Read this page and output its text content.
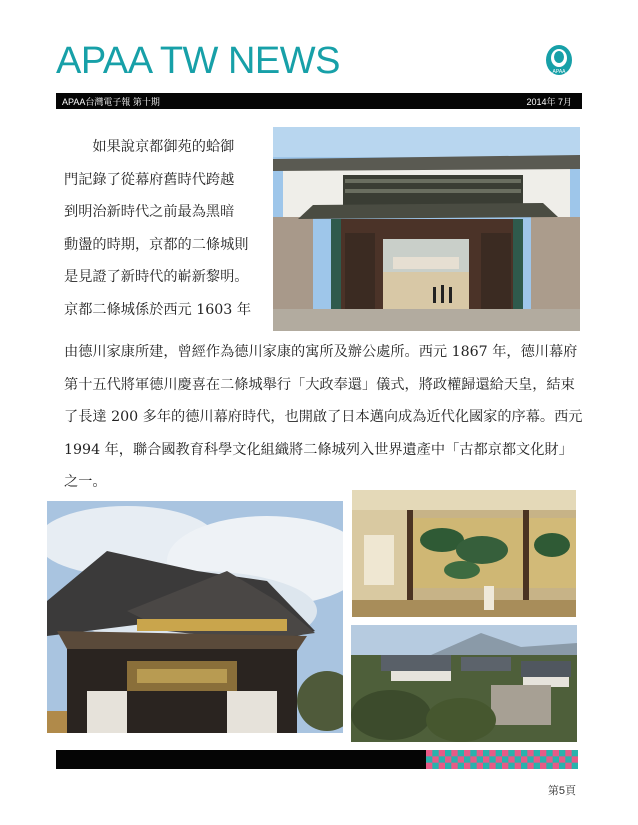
APAA TW NEWS	APAA
APAA台灣電子報 第十期	2014年 7月
　　如果說京都御苑的蛤御
門記錄了從幕府舊時代跨越
到明治新時代之前最為黑暗
動盪的時期，京都的二條城則
是見證了新時代的嶄新黎明。
京都二條城係於西元 1603 年
由德川家康所建，曾經作為德川家康的寓所及辦公處所。西元 1867 年，德川幕府
第十五代將軍德川慶喜在二條城舉行「大政奉還」儀式，將政權歸還給天皇，結束
了長達 200 多年的德川幕府時代，也開啟了日本邁向成為近代化國家的序幕。西元
1994 年，聯合國教育科學文化組織將二條城列入世界遺產中「古都京都文化財」
之一。
第5頁
